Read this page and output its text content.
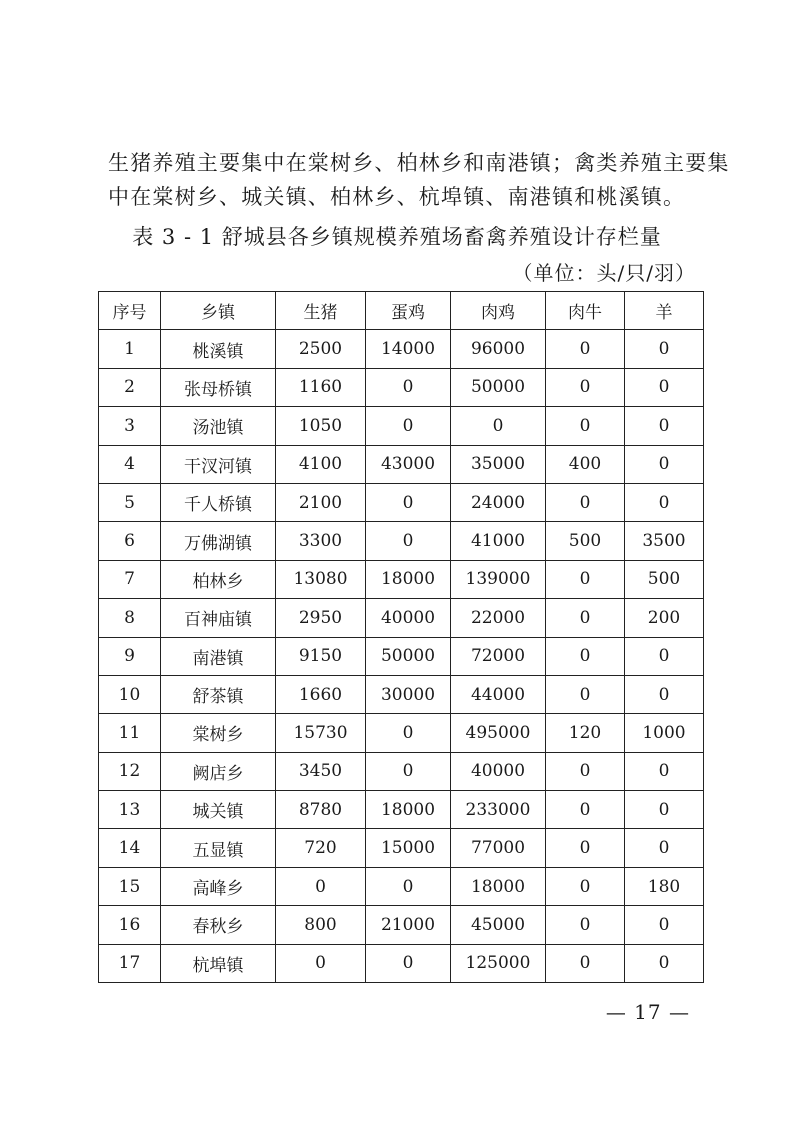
生猪养殖主要集中在棠树乡、柏林乡和南港镇；禽类养殖主要集
中在棠树乡、城关镇、柏林乡、杭埠镇、南港镇和桃溪镇。
表 3 - 1 舒城县各乡镇规模养殖场畜禽养殖设计存栏量
（单位：头/只/羽）
序号	乡镇	生猪	蛋鸡	肉鸡	肉牛	羊
1	桃溪镇	2500	14000	96000	0	0
2	张母桥镇	1160	0	50000	0	0
3	汤池镇	1050	0	0	0	0
4	干汊河镇	4100	43000	35000	400	0
5	千人桥镇	2100	0	24000	0	0
6	万佛湖镇	3300	0	41000	500	3500
7	柏林乡	13080	18000	139000	0	500
8	百神庙镇	2950	40000	22000	0	200
9	南港镇	9150	50000	72000	0	0
10	舒茶镇	1660	30000	44000	0	0
11	棠树乡	15730	0	495000	120	1000
12	阙店乡	3450	0	40000	0	0
13	城关镇	8780	18000	233000	0	0
14	五显镇	720	15000	77000	0	0
15	高峰乡	0	0	18000	0	180
16	春秋乡	800	21000	45000	0	0
17	杭埠镇	0	0	125000	0	0
— 17 —
